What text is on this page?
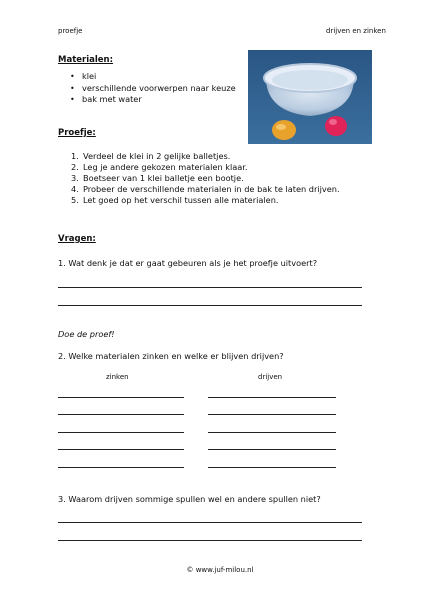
proefje	drijven en zinken
Materialen:
• klei
• verschillende voorwerpen naar keuze
• bak met water
Proefje:
1. Verdeel de klei in 2 gelijke balletjes.
2. Leg je andere gekozen materialen klaar.
3. Boetseer van 1 klei balletje een bootje.
4. Probeer de verschillende materialen in de bak te laten drijven.
5. Let goed op het verschil tussen alle materialen.
Vragen:
1. Wat denk je dat er gaat gebeuren als je het proefje uitvoert?
Doe de proef!
2. Welke materialen zinken en welke er blijven drijven?
zinken	drijven
3. Waarom drijven sommige spullen wel en andere spullen niet?
© www.juf-milou.nl
